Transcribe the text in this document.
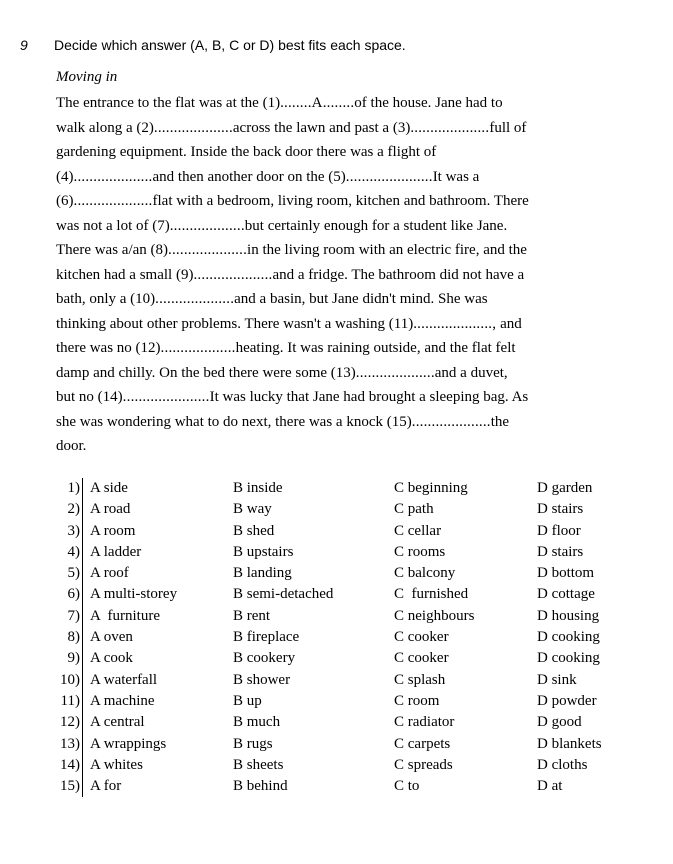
9 Decide which answer (A, B, C or D) best fits each space.
Moving in
The entrance to the flat was at the (1)........A........of the house. Jane had to
walk along a (2)....................across the lawn and past a (3)....................full of
gardening equipment. Inside the back door there was a flight of
(4)....................and then another door on the (5)......................It was a
(6)....................flat with a bedroom, living room, kitchen and bathroom. There
was not a lot of (7)...................but certainly enough for a student like Jane.
There was a/an (8)....................in the living room with an electric fire, and the
kitchen had a small (9)....................and a fridge. The bathroom did not have a
bath, only a (10)....................and a basin, but Jane didn't mind. She was
thinking about other problems. There wasn't a washing (11)...................., and
there was no (12)...................heating. It was raining outside, and the flat felt
damp and chilly. On the bed there were some (13)....................and a duvet,
but no (14)......................It was lucky that Jane had brought a sleeping bag. As
she was wondering what to do next, there was a knock (15)....................the
door.
1) A side	B inside	C beginning	D garden
2) A road	B way	C path	D stairs
3) A room	B shed	C cellar	D floor
4) A ladder	B upstairs	C rooms	D stairs
5) A roof	B landing	C balcony	D bottom
6) A multi-storey	B semi-detached	C  furnished	D cottage
7) A  furniture	B rent	C neighbours	D housing
8) A oven	B fireplace	C cooker	D cooking
9) A cook	B cookery	C cooker	D cooking
10) A waterfall	B shower	C splash	D sink
11) A machine	B up	C room	D powder
12) A central	B much	C radiator	D good
13) A wrappings	B rugs	C carpets	D blankets
14) A whites	B sheets	C spreads	D cloths
15) A for	B behind	C to	D at
